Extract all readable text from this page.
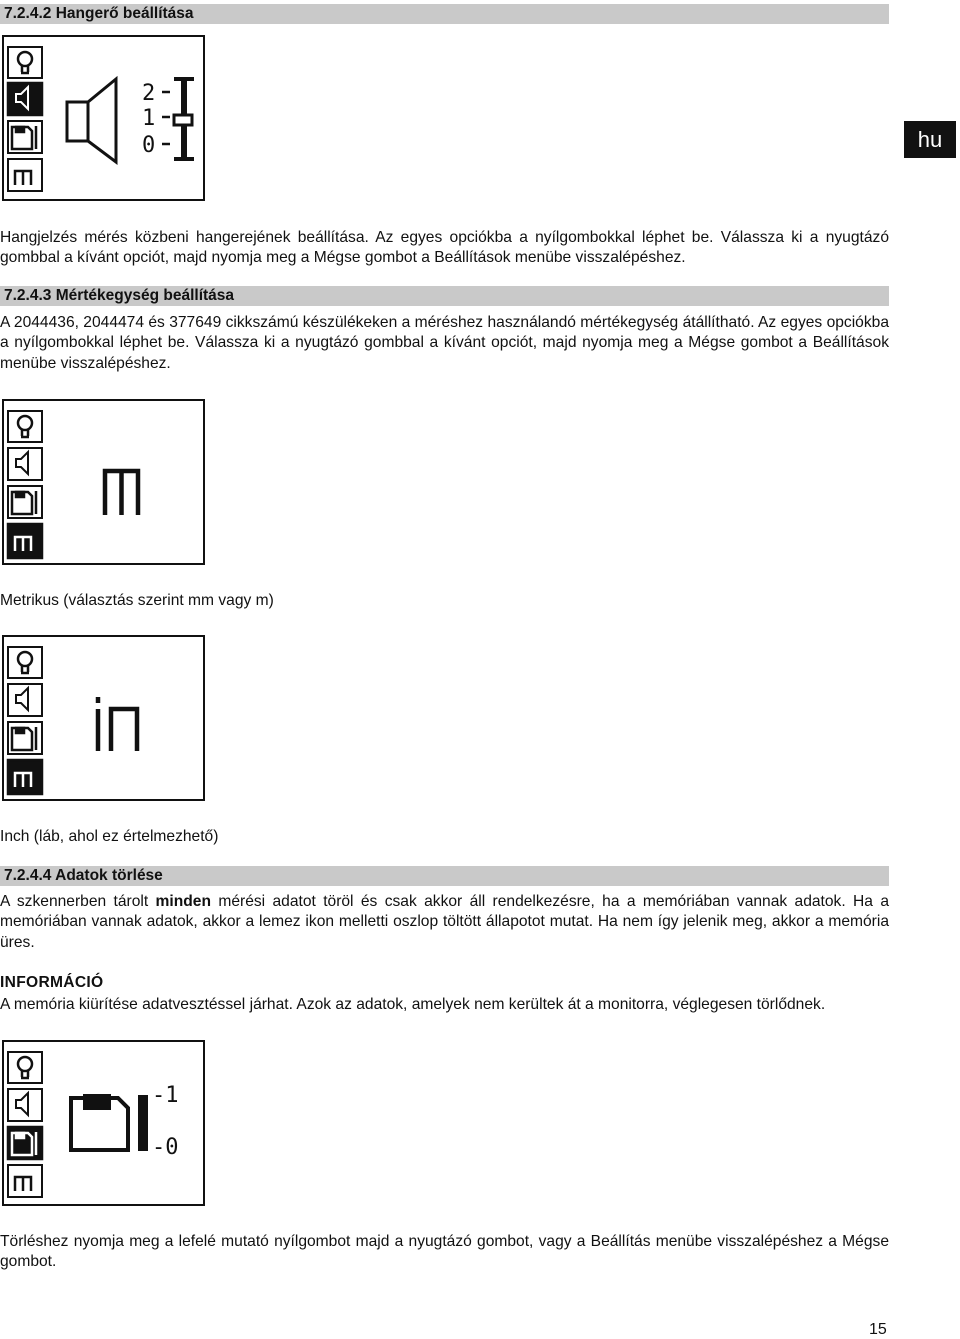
7.2.4.2 Hangerő beállítása
hu
2
1
0
Hangjelzés mérés közbeni hangerejének beállítása. Az egyes opciókba a nyílgombokkal léphet be. Válassza ki a nyugtázó gombbal a kívánt opciót, majd nyomja meg a Mégse gombot a Beállítások menübe visszalépéshez.
7.2.4.3 Mértékegység beállítása
A 2044436, 2044474 és 377649 cikkszámú készülékeken a méréshez használandó mértékegység átállítható. Az egyes opciókba a nyílgombokkal léphet be. Válassza ki a nyugtázó gombbal a kívánt opciót, majd nyomja meg a Mégse gombot a Beállítások menübe visszalépéshez.
Metrikus (választás szerint mm vagy m)
Inch (láb, ahol ez értelmezhető)
7.2.4.4 Adatok törlése
A szkennerben tárolt minden mérési adatot töröl és csak akkor áll rendelkezésre, ha a memóriában vannak adatok. Ha a memóriában vannak adatok, akkor a lemez ikon melletti oszlop töltött állapotot mutat. Ha nem így jelenik meg, akkor a memória üres.
INFORMÁCIÓ
A memória kiürítése adatvesztéssel járhat. Azok az adatok, amelyek nem kerültek át a monitorra, véglegesen törlődnek.
-1
-0
Törléshez nyomja meg a lefelé mutató nyílgombot majd a nyugtázó gombot, vagy a Beállítás menübe visszalépéshez a Mégse gombot.
15
